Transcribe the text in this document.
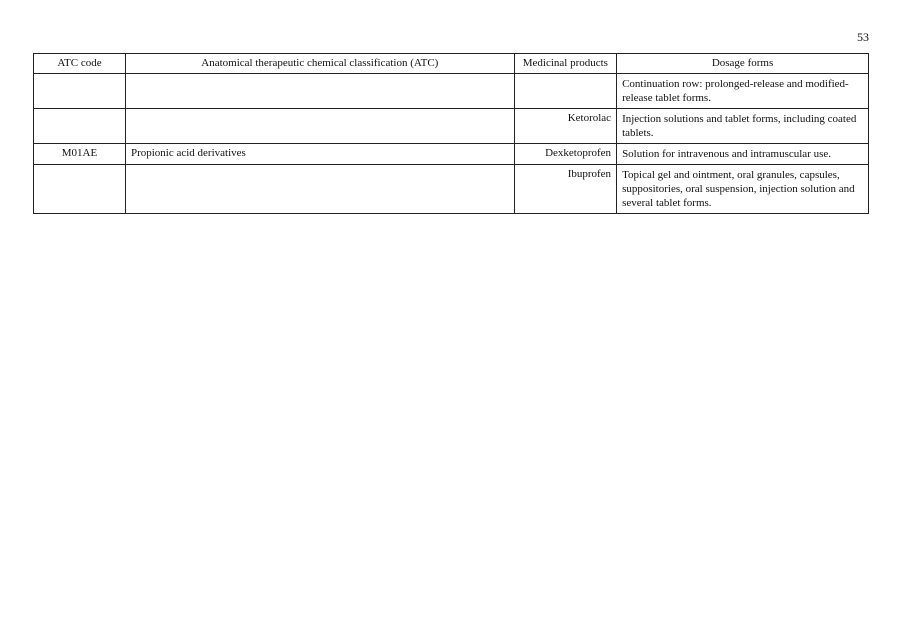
53
ATC code	Anatomical therapeutic chemical classification (ATC)	Medicinal products	Dosage forms
			Continuation row: prolonged-release and modified-release tablet forms.
		Ketorolac	Injection solutions and tablet forms, including coated tablets.
M01AE	Propionic acid derivatives	Dexketoprofen	Solution for intravenous and intramuscular use.
		Ibuprofen	Topical gel and ointment, oral granules, capsules, suppositories, oral suspension, injection solution and several tablet forms.
